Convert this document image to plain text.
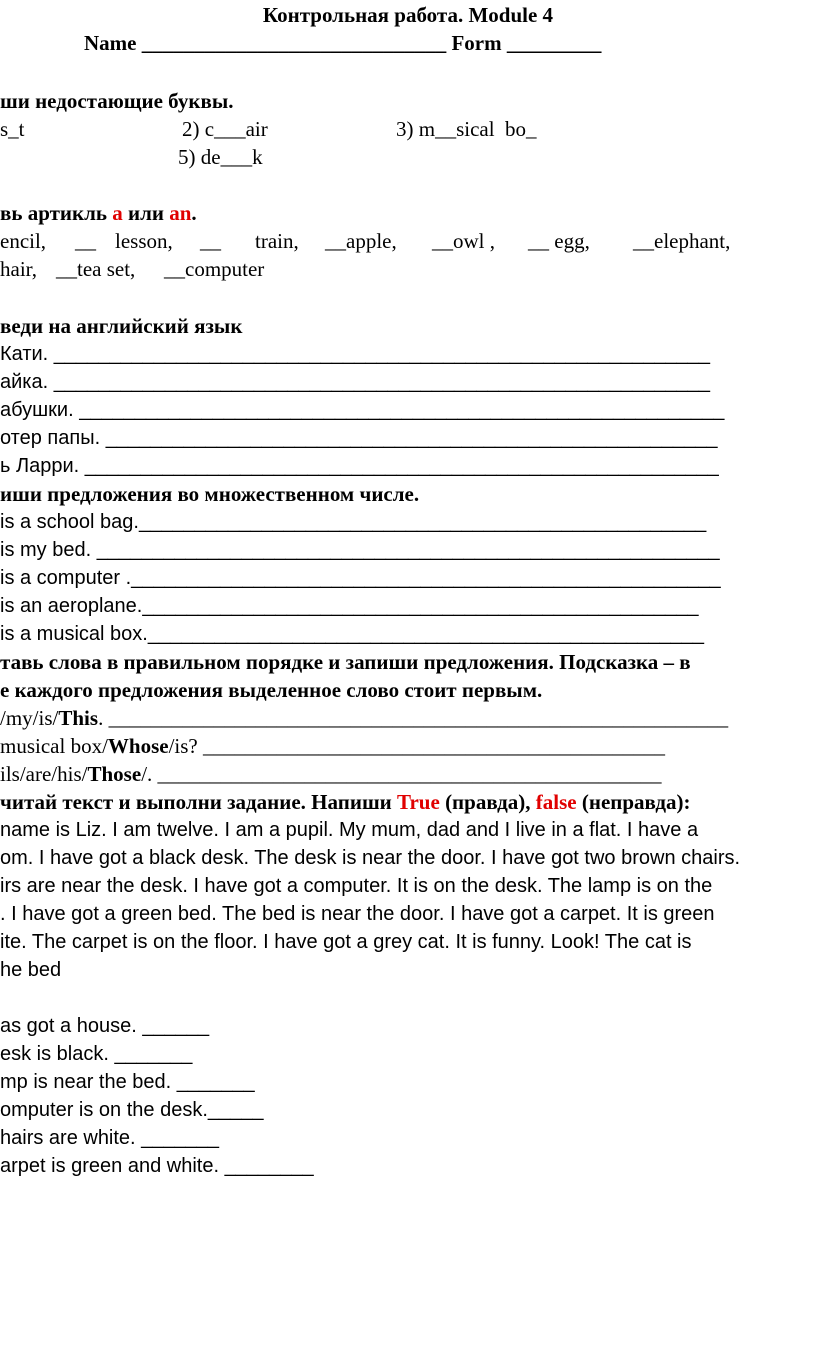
Контрольная работа. Module 4
Name _____________________________ Form _________
ши недостающие буквы.
s_t	2) c___air	3) m__sical  bo_
5) de___k
вь артикль a или an.
encil, __ lesson, __ train, __apple, __owl , __ egg, __elephant,
hair, __tea set, __computer
веди на английский язык
Кати. ___________________________________________________________
айка. ___________________________________________________________
абушки. __________________________________________________________
отер папы. _______________________________________________________
ь Ларри. _________________________________________________________
иши предложения во множественном числе.
is a school bag.___________________________________________________
is my bed. ________________________________________________________
is a computer ._____________________________________________________
is an aeroplane.__________________________________________________
is a musical box.__________________________________________________
тавь слова в правильном порядке и запиши предложения. Подсказка – в
е каждого предложения выделенное слово стоит первым.
/my/is/This. ___________________________________________________________
musical box/Whose/is? ____________________________________________
ils/are/his/Those/. ________________________________________________
читай текст и выполни задание. Напиши True (правда), false (неправда):
name is Liz. I am twelve. I am a pupil. My mum, dad and I live in a flat. I have a
om. I have got a black desk. The desk is near the door. I have got two brown chairs.
irs are near the desk. I have got a computer. It is on the desk. The lamp is on the
. I have got a green bed. The bed is near the door. I have got a carpet. It is green
ite. The carpet is on the floor. I have got a grey cat. It is funny. Look! The cat is
he bed
as got a house. ______
esk is black. _______
mp is near the bed. _______
omputer is on the desk._____
hairs are white. _______
arpet is green and white. ________
